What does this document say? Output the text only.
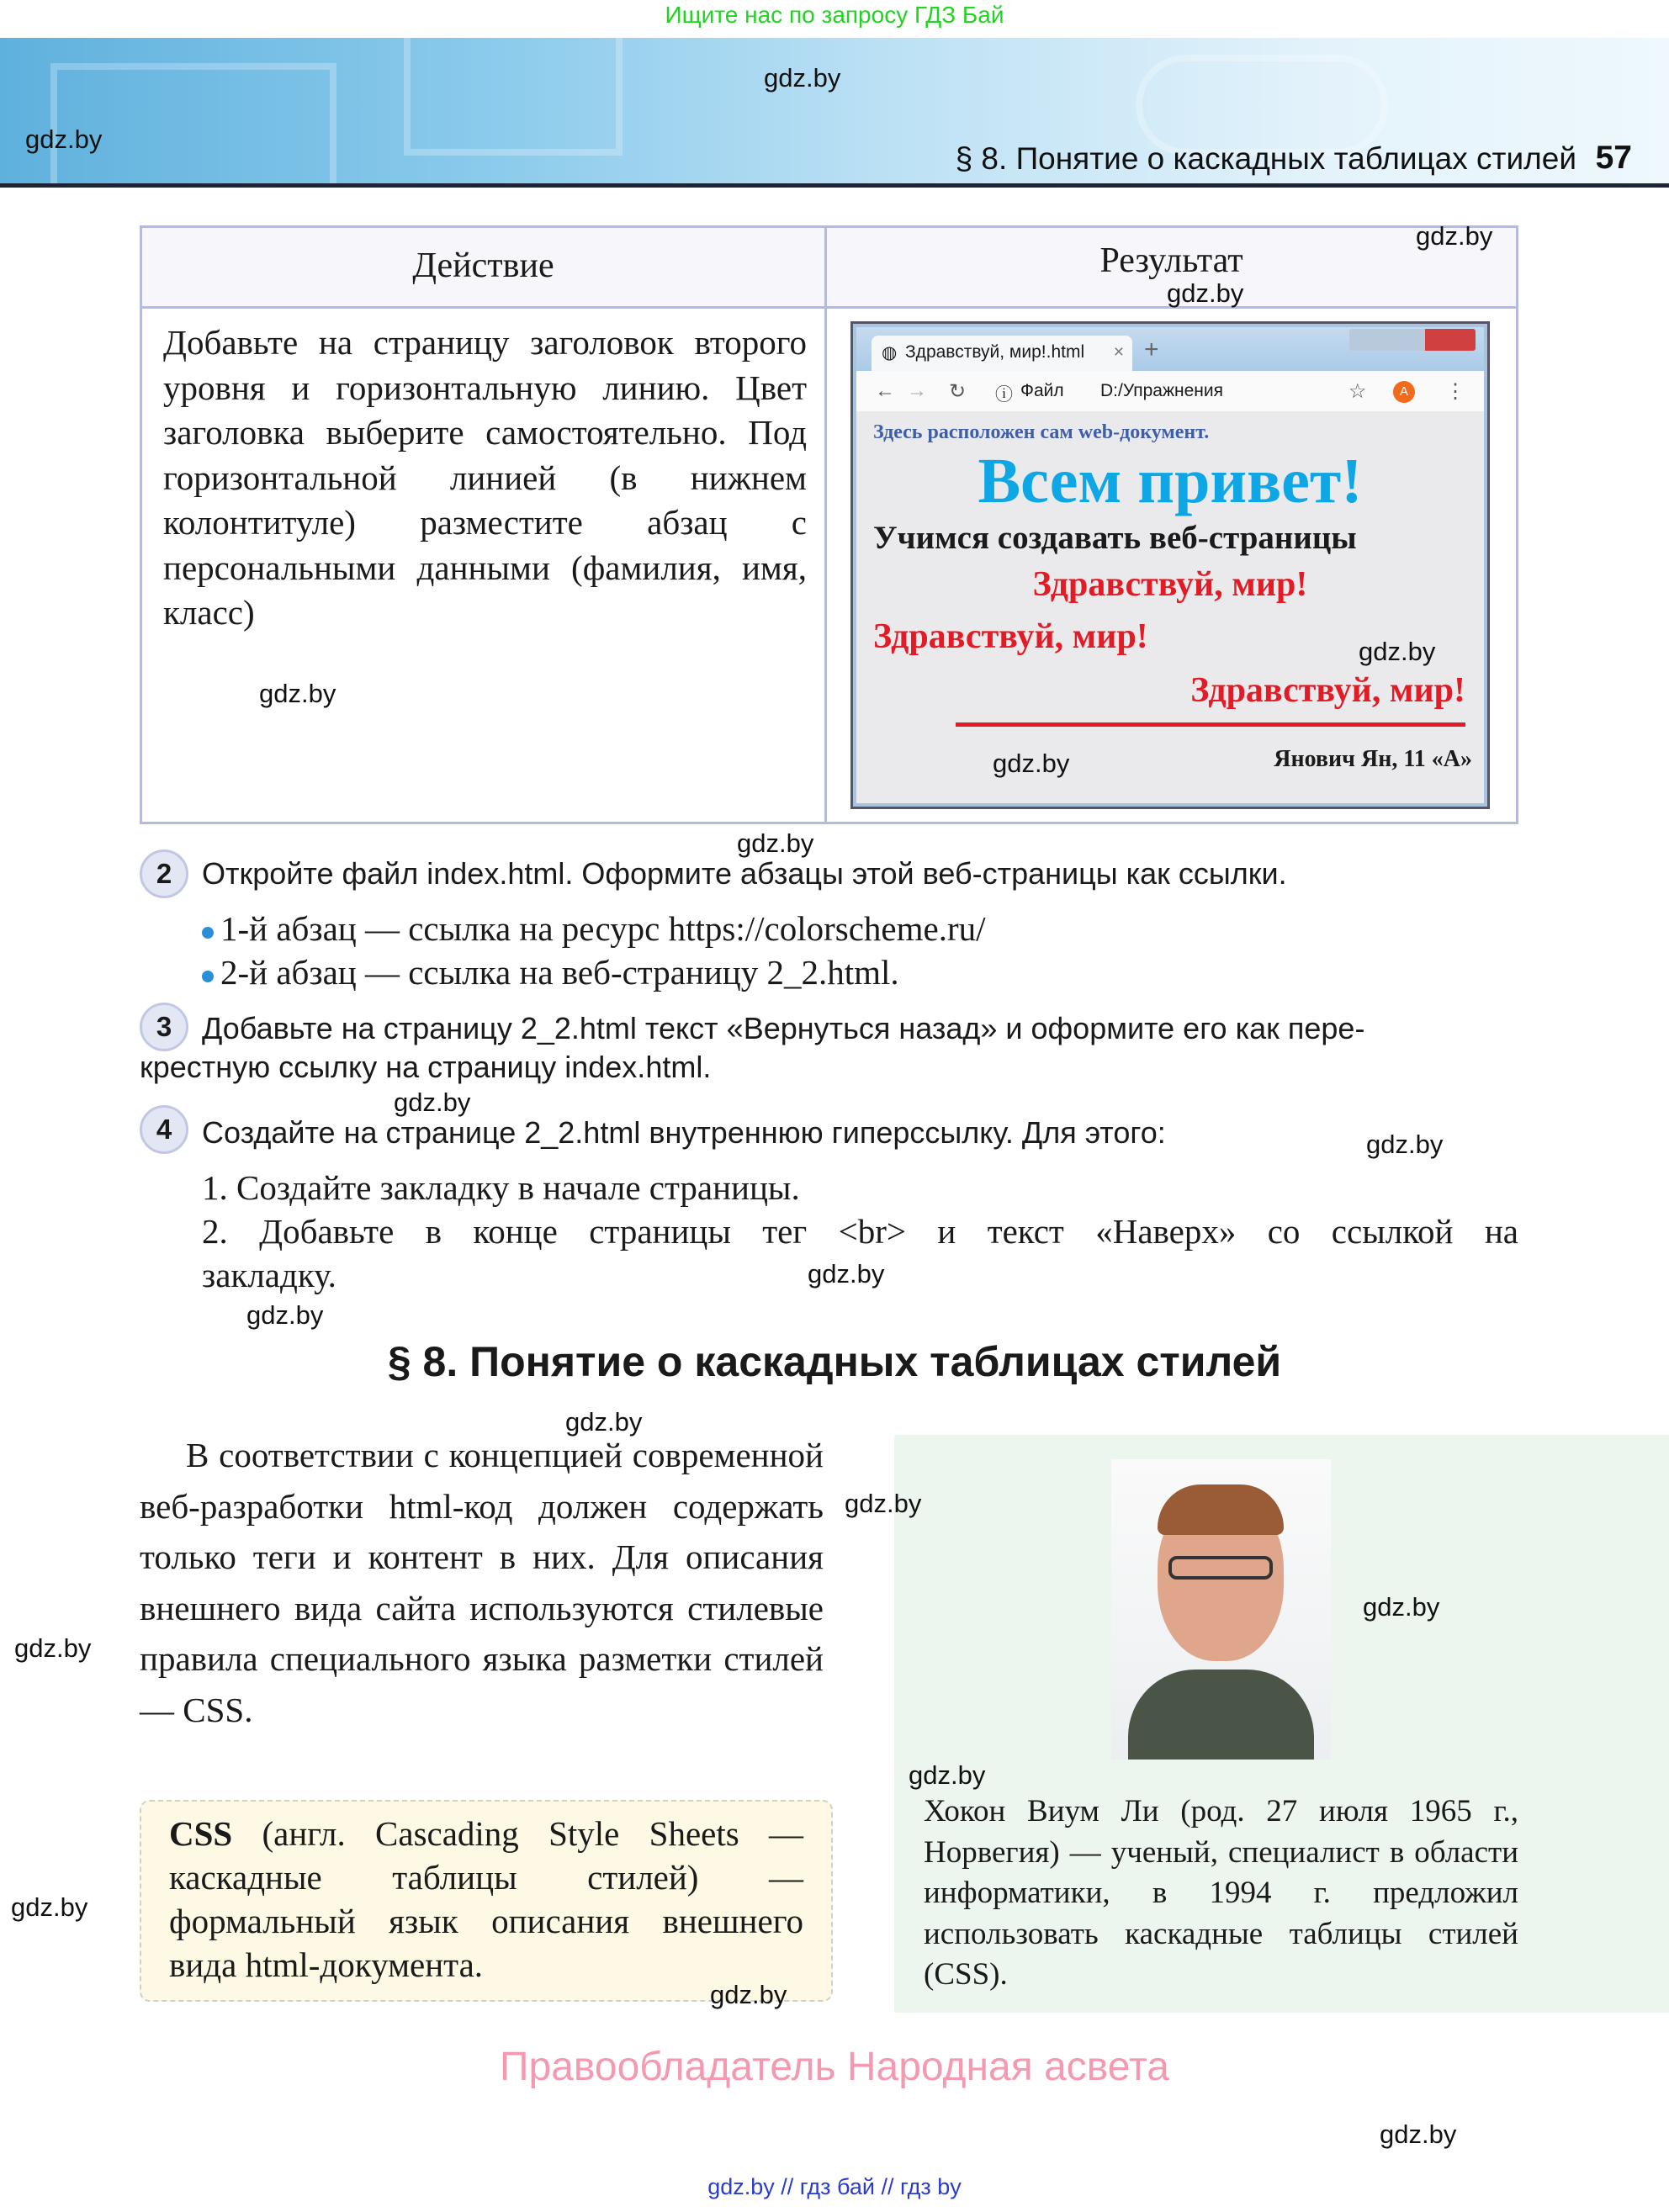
Ищите нас по запросу ГДЗ Бай
§ 8. Понятие о каскадных таблицах стилей 57
Действие	Результат
Добавьте на страницу заголовок второго уровня и горизонтальную линию. Цвет заголовка выберите самостоятельно. Под горизонтальной линией (в нижнем колонтитуле) разместите абзац с персональными данными (фамилия, имя, класс)
◍ Здравствуй, мир!.html × +
← → ↻ ⓘ Файл D:/Упражнения	☆	A	⋮
Здесь расположен сам web-документ.
Всем привет!
Учимся создавать веб-страницы
Здравствуй, мир!
Здравствуй, мир!
Здравствуй, мир!
Янович Ян, 11 «А»
2 Откройте файл index.html. Оформите абзацы этой веб-страницы как ссылки.
1-й абзац — ссылка на ресурс https://colorscheme.ru/
2-й абзац — ссылка на веб-страницу 2_2.html.
3 Добавьте на страницу 2_2.html текст «Вернуться назад» и оформите его как пере-
крестную ссылку на страницу index.html.
4 Создайте на странице 2_2.html внутреннюю гиперссылку. Для этого:
1. Создайте закладку в начале страницы.
2. Добавьте в конце страницы тег <br> и текст «Наверх» со ссылкой на
закладку.
§ 8. Понятие о каскадных таблицах стилей
В соответствии с концепцией современной веб-разработки html-код должен содержать только теги и контент в них. Для описания внешнего вида сайта используются стилевые правила специального языка разметки стилей — CSS.
CSS (англ. Cascading Style Sheets — каскадные таблицы стилей) — формальный язык описания внешнего вида html-документа.
Хокон Виум Ли (род. 27 июля 1965 г., Норвегия) — ученый, специалист в области информатики, в 1994 г. предложил использовать каскадные таблицы стилей (CSS).
Правообладатель Народная асвета
gdz.by // гдз бай // гдз by
gdz.by
gdz.by
gdz.by
gdz.by
gdz.by
gdz.by
gdz.by
gdz.by
gdz.by
gdz.by
gdz.by
gdz.by
gdz.by
gdz.by
gdz.by
gdz.by
gdz.by
gdz.by
gdz.by
gdz.by
